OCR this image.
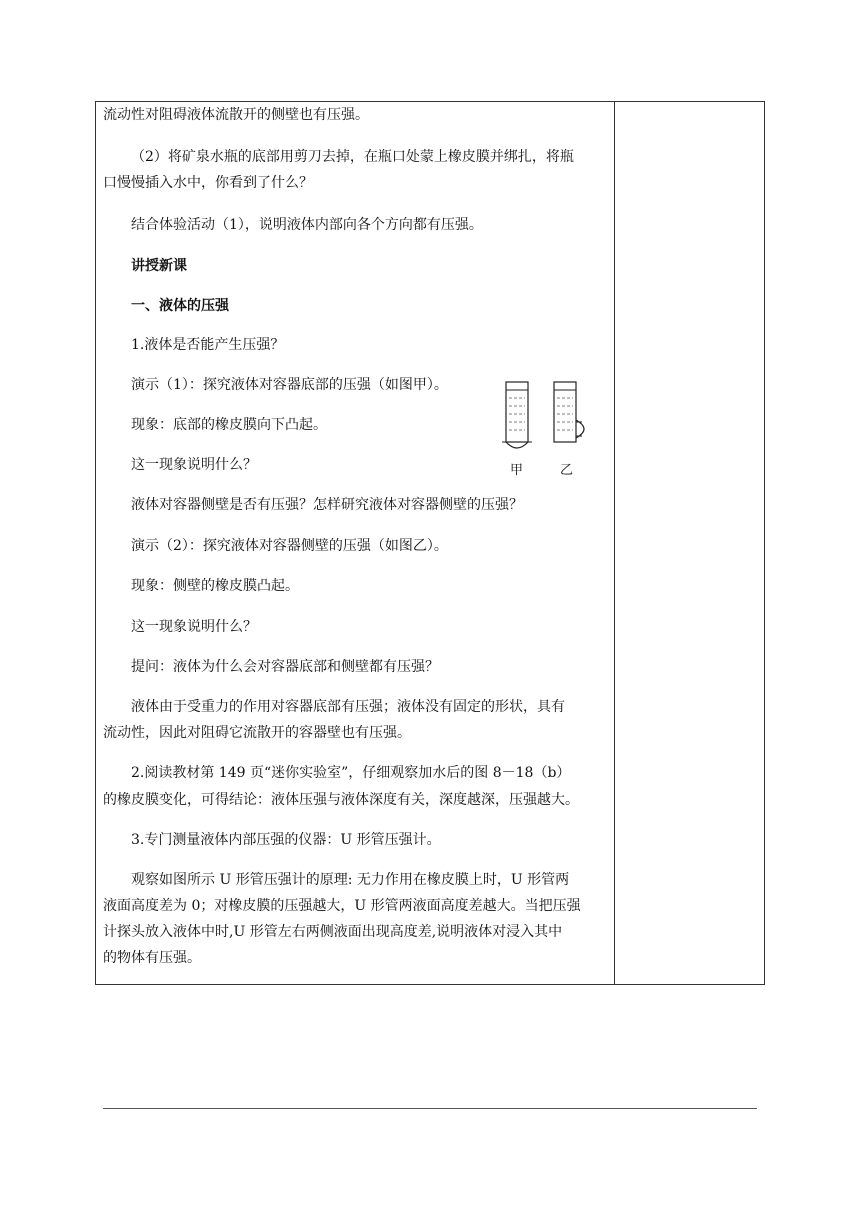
流动性对阻碍液体流散开的侧壁也有压强。
（2）将矿泉水瓶的底部用剪刀去掉，在瓶口处蒙上橡皮膜并绑扎，将瓶
口慢慢插入水中，你看到了什么？
结合体验活动（1），说明液体内部向各个方向都有压强。
讲授新课
一、液体的压强
1.液体是否能产生压强？
演示（1）：探究液体对容器底部的压强（如图甲）。
现象：底部的橡皮膜向下凸起。
这一现象说明什么？
液体对容器侧壁是否有压强？怎样研究液体对容器侧壁的压强？
演示（2）：探究液体对容器侧壁的压强（如图乙）。
现象：侧壁的橡皮膜凸起。
这一现象说明什么？
提问：液体为什么会对容器底部和侧壁都有压强？
液体由于受重力的作用对容器底部有压强；液体没有固定的形状，具有
流动性，因此对阻碍它流散开的容器壁也有压强。
2.阅读教材第 149 页“迷你实验室”，仔细观察加水后的图 8－18（b）
的橡皮膜变化，可得结论：液体压强与液体深度有关，深度越深，压强越大。
3.专门测量液体内部压强的仪器：U 形管压强计。
观察如图所示 U 形管压强计的原理: 无力作用在橡皮膜上时，U 形管两
液面高度差为 0；对橡皮膜的压强越大，U 形管两液面高度差越大。当把压强
计探头放入液体中时,U 形管左右两侧液面出现高度差,说明液体对浸入其中
的物体有压强。
甲	乙
